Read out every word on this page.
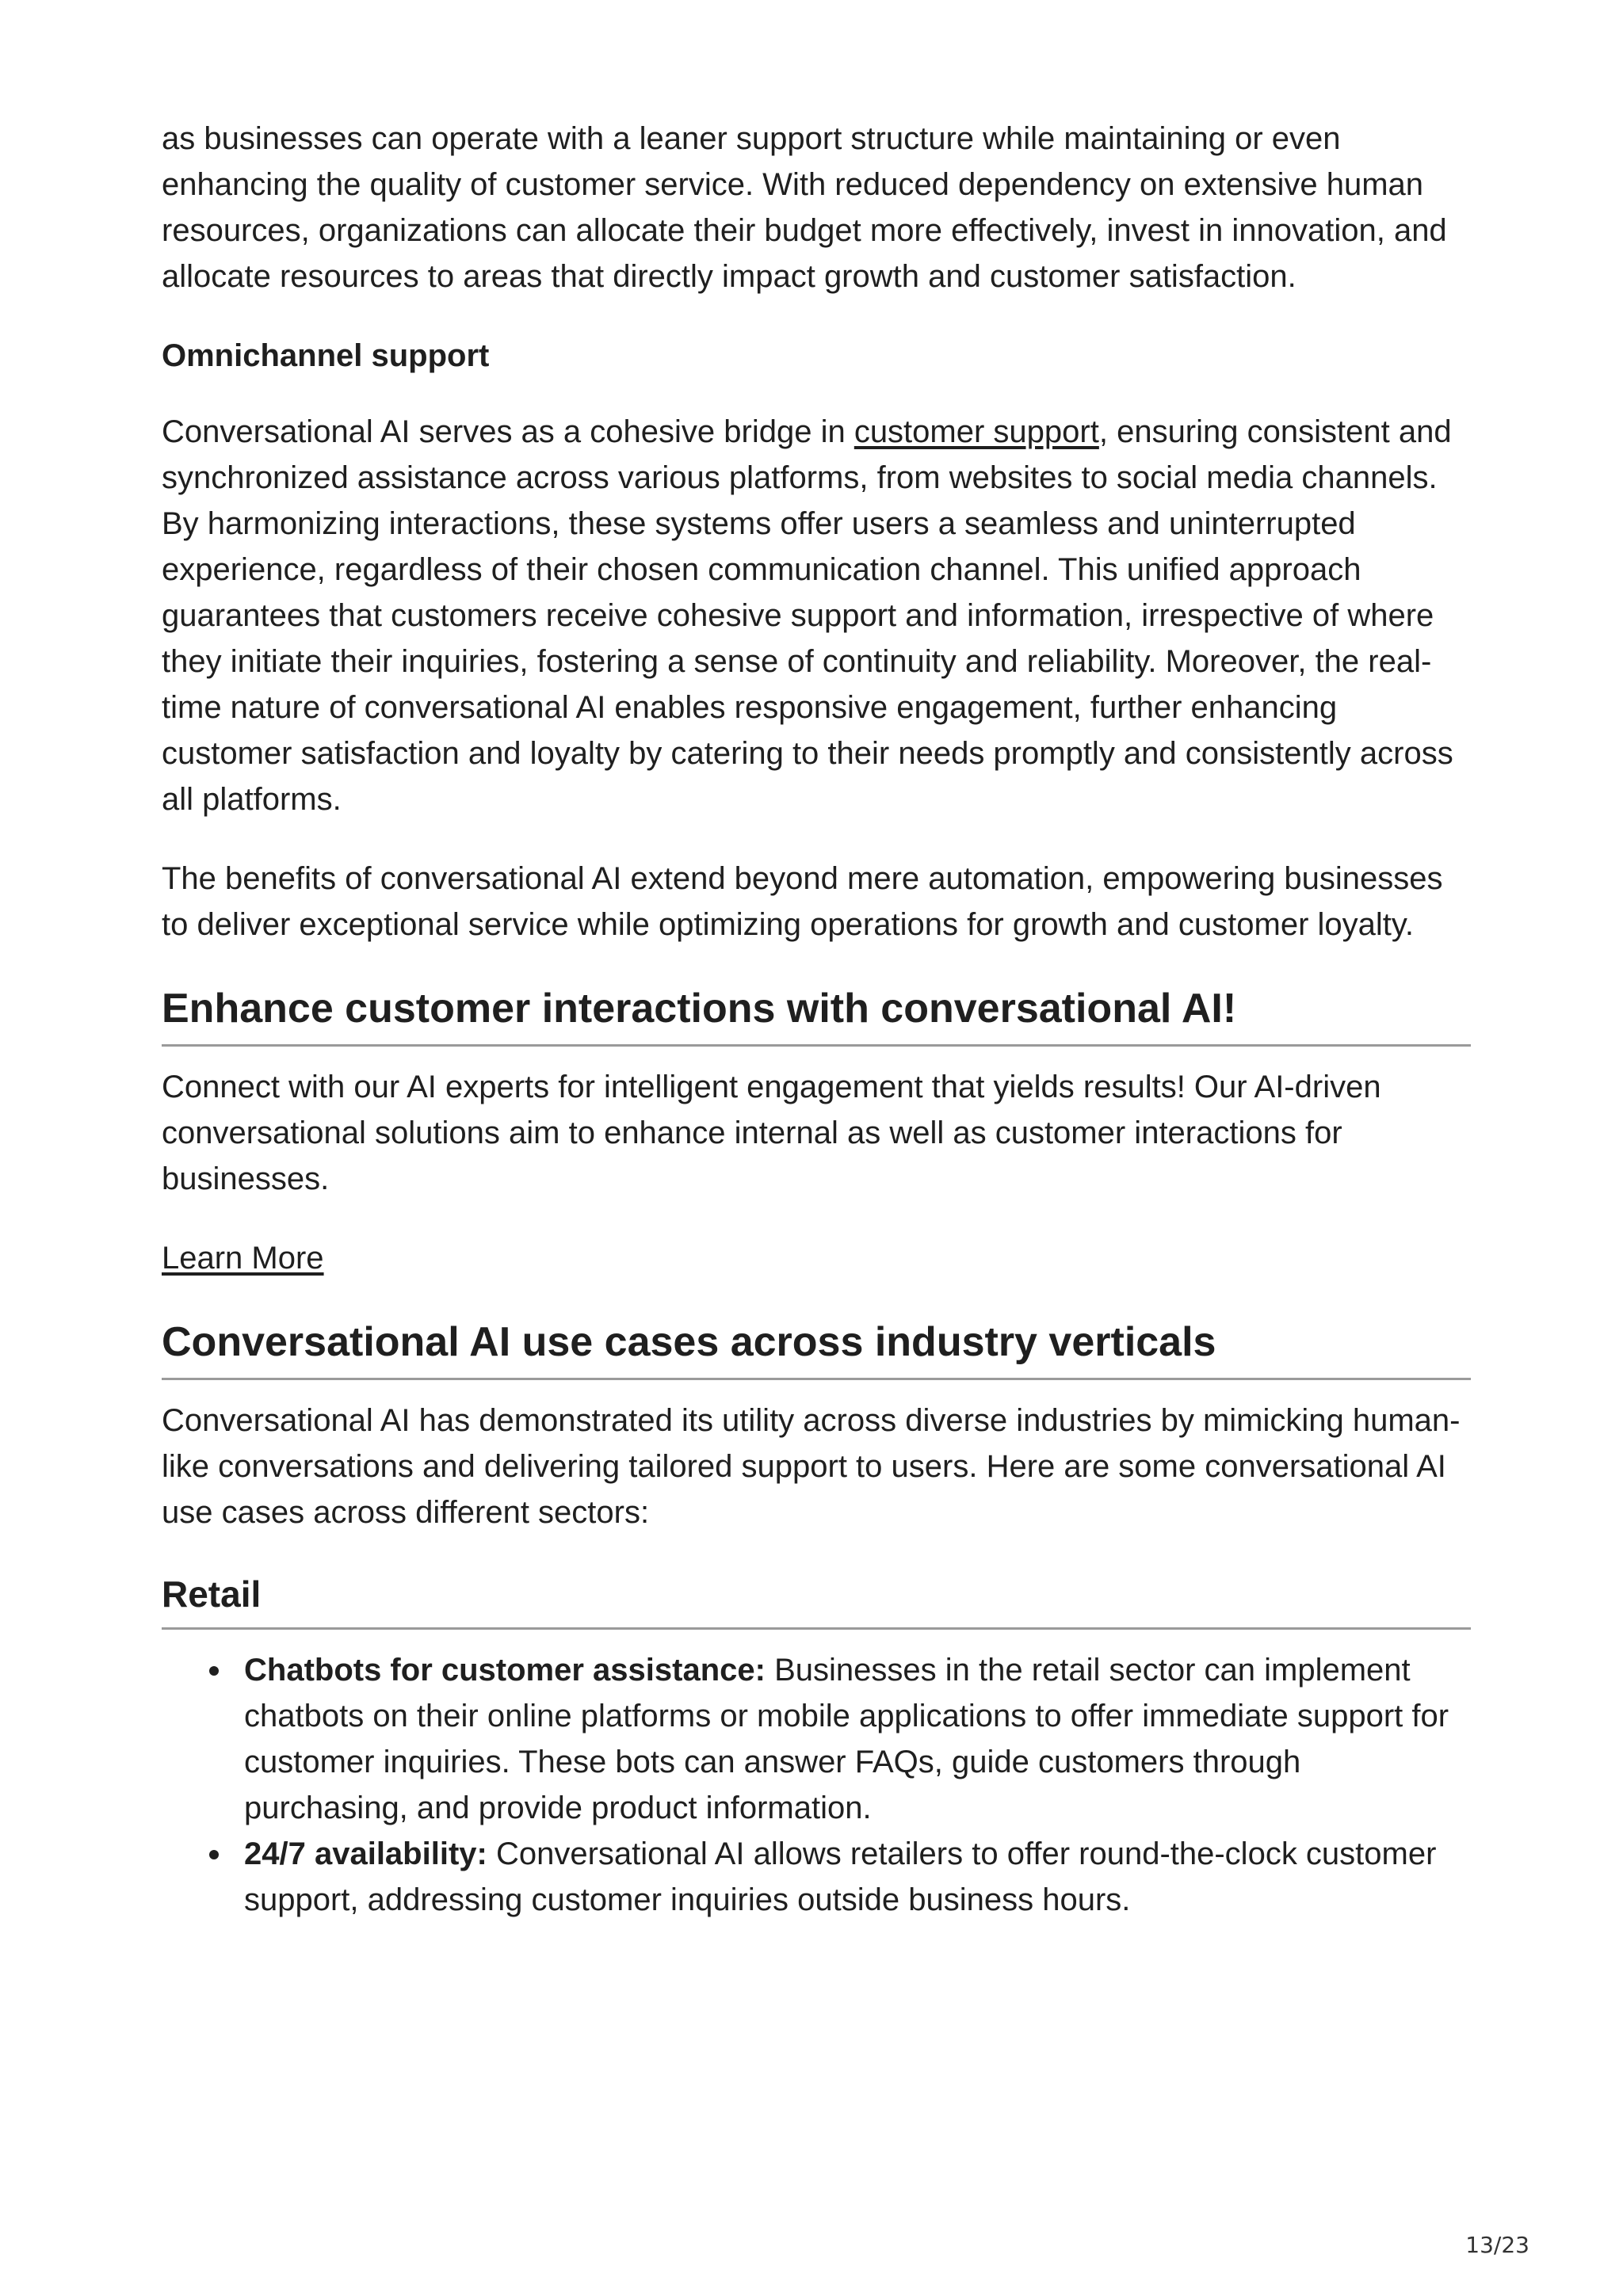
as businesses can operate with a leaner support structure while maintaining or even enhancing the quality of customer service. With reduced dependency on extensive human resources, organizations can allocate their budget more effectively, invest in innovation, and allocate resources to areas that directly impact growth and customer satisfaction.

Omnichannel support

Conversational AI serves as a cohesive bridge in customer support, ensuring consistent and synchronized assistance across various platforms, from websites to social media channels. By harmonizing interactions, these systems offer users a seamless and uninterrupted experience, regardless of their chosen communication channel. This unified approach guarantees that customers receive cohesive support and information, irrespective of where they initiate their inquiries, fostering a sense of continuity and reliability. Moreover, the real-time nature of conversational AI enables responsive engagement, further enhancing customer satisfaction and loyalty by catering to their needs promptly and consistently across all platforms.

The benefits of conversational AI extend beyond mere automation, empowering businesses to deliver exceptional service while optimizing operations for growth and customer loyalty.

Enhance customer interactions with conversational AI!

Connect with our AI experts for intelligent engagement that yields results! Our AI-driven conversational solutions aim to enhance internal as well as customer interactions for businesses.

Learn More

Conversational AI use cases across industry verticals

Conversational AI has demonstrated its utility across diverse industries by mimicking human-like conversations and delivering tailored support to users. Here are some conversational AI use cases across different sectors:

Retail
Chatbots for customer assistance: Businesses in the retail sector can implement chatbots on their online platforms or mobile applications to offer immediate support for customer inquiries. These bots can answer FAQs, guide customers through purchasing, and provide product information.
24/7 availability: Conversational AI allows retailers to offer round-the-clock customer support, addressing customer inquiries outside business hours.
13/23
